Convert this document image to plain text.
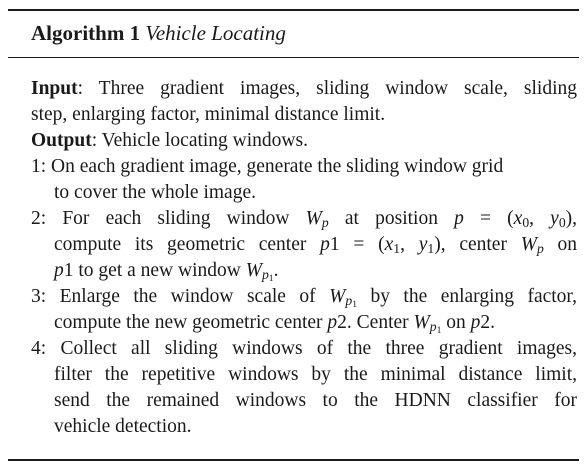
Algorithm 1 Vehicle Locating
Input: Three gradient images, sliding window scale, sliding
step, enlarging factor, minimal distance limit.
Output: Vehicle locating windows.
1: On each gradient image, generate the sliding window grid
to cover the whole image.
2: For each sliding window $W_p$ at position $p = (x_0$, $y_0$),
compute its geometric center $p1 = (x_1$, $y_1$), center $W_p$ on
p1 to get a new window $W_{p_1}$.
3: Enlarge the window scale of $W_{p_1}$ by the enlarging factor,
compute the new geometric center p2. Center $W_{p_1}$ on p2.
4: Collect all sliding windows of the three gradient images,
filter the repetitive windows by the minimal distance limit,
send the remained windows to the HDNN classifier for
vehicle detection.
